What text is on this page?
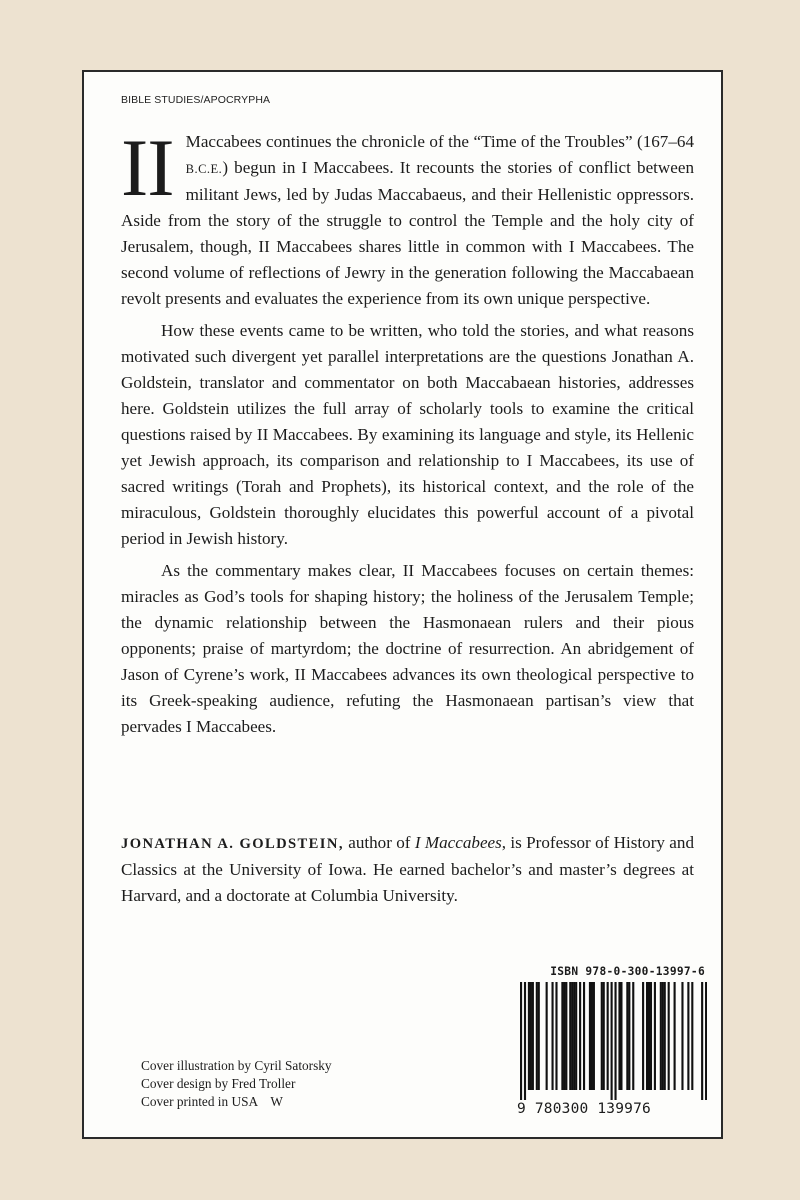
BIBLE STUDIES/APOCRYPHA

II Maccabees continues the chronicle of the “Time of the Troubles” (167–64 B.C.E.) begun in I Maccabees. It recounts the stories of conflict between militant Jews, led by Judas Maccabaeus, and their Hellenistic oppressors. Aside from the story of the struggle to control the Temple and the holy city of Jerusalem, though, II Maccabees shares little in common with I Maccabees. The second volume of reflections of Jewry in the generation following the Maccabaean revolt presents and evaluates the experience from its own unique perspective.

How these events came to be written, who told the stories, and what reasons motivated such divergent yet parallel interpretations are the questions Jonathan A. Goldstein, translator and commentator on both Maccabaean histories, addresses here. Goldstein utilizes the full array of scholarly tools to examine the critical questions raised by II Maccabees. By examining its language and style, its Hellenic yet Jewish approach, its comparison and relationship to I Maccabees, its use of sacred writings (Torah and Prophets), its historical context, and the role of the miraculous, Goldstein thoroughly elucidates this powerful account of a pivotal period in Jewish history.

As the commentary makes clear, II Maccabees focuses on certain themes: miracles as God’s tools for shaping history; the holiness of the Jerusalem Temple; the dynamic relationship between the Hasmonaean rulers and their pious opponents; praise of martyrdom; the doctrine of resurrection. An abridgement of Jason of Cyrene’s work, II Maccabees advances its own theological perspective to its Greek-speaking audience, refuting the Hasmonaean partisan’s view that pervades I Maccabees.

JONATHAN A. GOLDSTEIN, author of I Maccabees, is Professor of History and Classics at the University of Iowa. He earned bachelor’s and master’s degrees at Harvard, and a doctorate at Columbia University.

Cover illustration by Cyril Satorsky
Cover design by Fred Troller
Cover printed in USA    W
ISBN 978-0-300-13997-6
9 780300 139976
